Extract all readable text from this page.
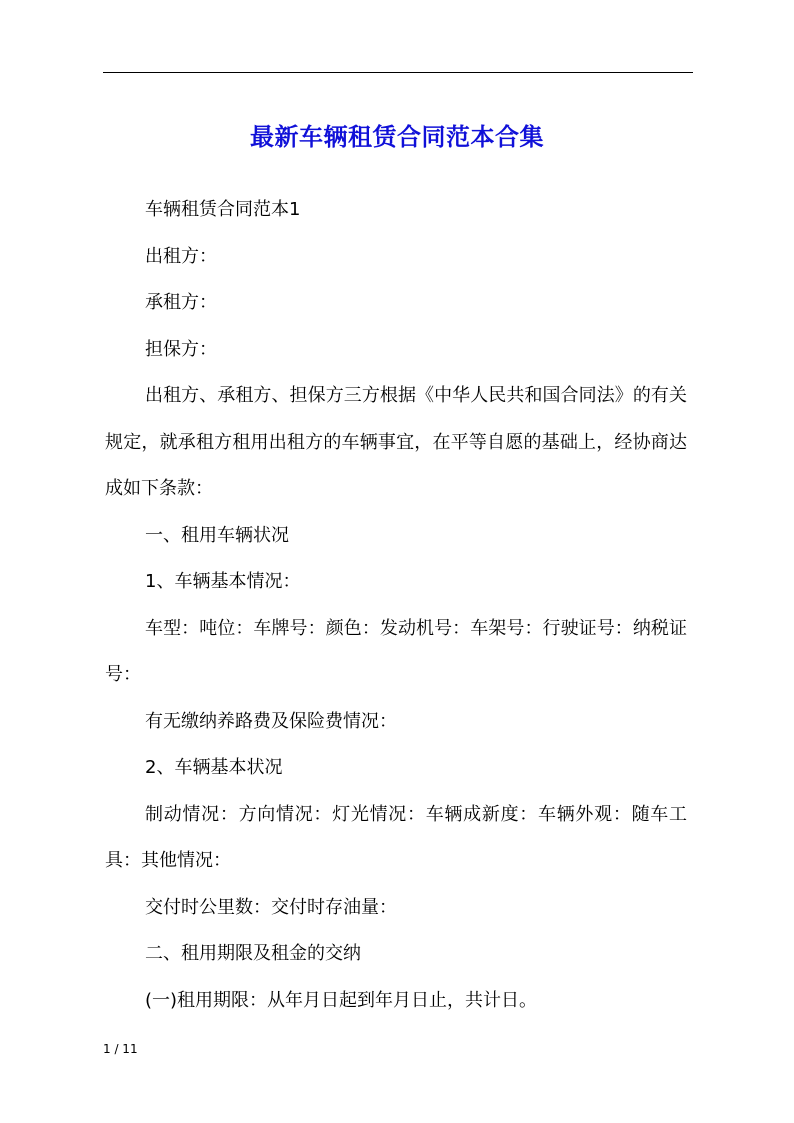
最新车辆租赁合同范本合集

车辆租赁合同范本1

出租方：

承租方：

担保方：

出租方、承租方、担保方三方根据《中华人民共和国合同法》的有关规定，就承租方租用出租方的车辆事宜，在平等自愿的基础上，经协商达成如下条款：

一、租用车辆状况

1、车辆基本情况：

车型：吨位：车牌号：颜色：发动机号：车架号：行驶证号：纳税证号：

有无缴纳养路费及保险费情况：

2、车辆基本状况

制动情况：方向情况：灯光情况：车辆成新度：车辆外观：随车工具：其他情况：

交付时公里数：交付时存油量：

二、租用期限及租金的交纳

(一)租用期限：从年月日起到年月日止，共计日。

1 / 11
